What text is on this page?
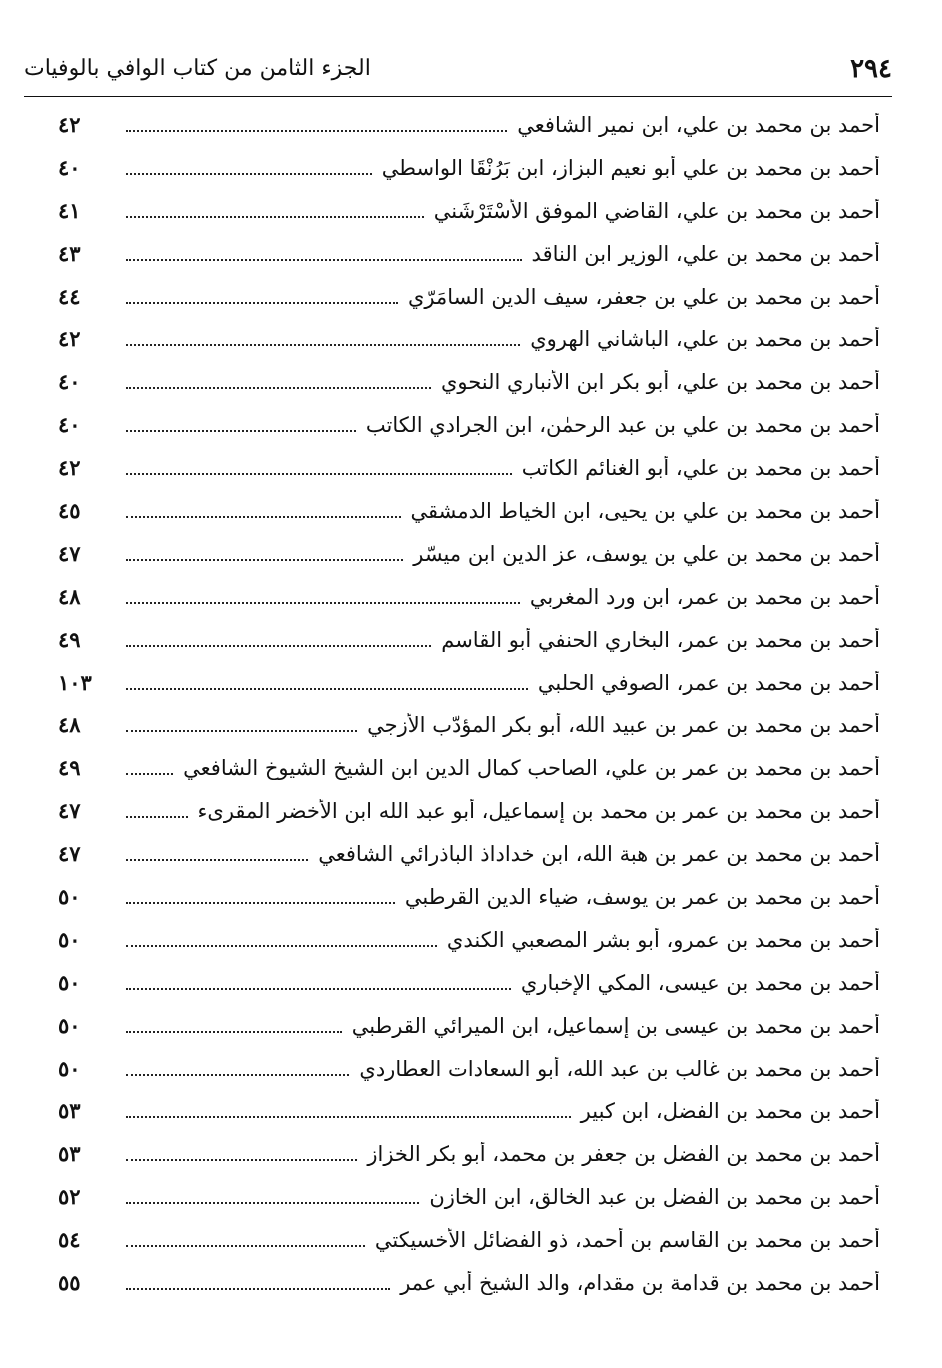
٢٩٤
الجزء الثامن من كتاب الوافي بالوفيات
أحمد بن محمد بن علي، ابن نمير الشافعي
٤٢
أحمد بن محمد بن علي أبو نعيم البزاز، ابن بَرُنْقَا الواسطي
٤٠
أحمد بن محمد بن علي، القاضي الموفق الأسْتَرْشَني
٤١
أحمد بن محمد بن علي، الوزير ابن الناقد
٤٣
أحمد بن محمد بن علي بن جعفر، سيف الدين السامَرّي
٤٤
أحمد بن محمد بن علي، الباشاني الهروي
٤٢
أحمد بن محمد بن علي، أبو بكر ابن الأنباري النحوي
٤٠
أحمد بن محمد بن علي بن عبد الرحمٰن، ابن الجرادي الكاتب
٤٠
أحمد بن محمد بن علي، أبو الغنائم الكاتب
٤٢
أحمد بن محمد بن علي بن يحيى، ابن الخياط الدمشقي
٤٥
أحمد بن محمد بن علي بن يوسف، عز الدين ابن ميسّر
٤٧
أحمد بن محمد بن عمر، ابن ورد المغربي
٤٨
أحمد بن محمد بن عمر، البخاري الحنفي أبو القاسم
٤٩
أحمد بن محمد بن عمر، الصوفي الحلبي
١٠٣
أحمد بن محمد بن عمر بن عبيد الله، أبو بكر المؤدّب الأزجي
٤٨
أحمد بن محمد بن عمر بن علي، الصاحب كمال الدين ابن الشيخ الشيوخ الشافعي
٤٩
أحمد بن محمد بن عمر بن محمد بن إسماعيل، أبو عبد الله ابن الأخضر المقرىء
٤٧
أحمد بن محمد بن عمر بن هبة الله، ابن خداداذ الباذرائي الشافعي
٤٧
أحمد بن محمد بن عمر بن يوسف، ضياء الدين القرطبي
٥٠
أحمد بن محمد بن عمرو، أبو بشر المصعبي الكندي
٥٠
أحمد بن محمد بن عيسى، المكي الإخباري
٥٠
أحمد بن محمد بن عيسى بن إسماعيل، ابن الميرائي القرطبي
٥٠
أحمد بن محمد بن غالب بن عبد الله، أبو السعادات العطاردي
٥٠
أحمد بن محمد بن الفضل، ابن كبير
٥٣
أحمد بن محمد بن الفضل بن جعفر بن محمد، أبو بكر الخزاز
٥٣
أحمد بن محمد بن الفضل بن عبد الخالق، ابن الخازن
٥٢
أحمد بن محمد بن القاسم بن أحمد، ذو الفضائل الأخسيكتي
٥٤
أحمد بن محمد بن قدامة بن مقدام، والد الشيخ أبي عمر
٥٥
